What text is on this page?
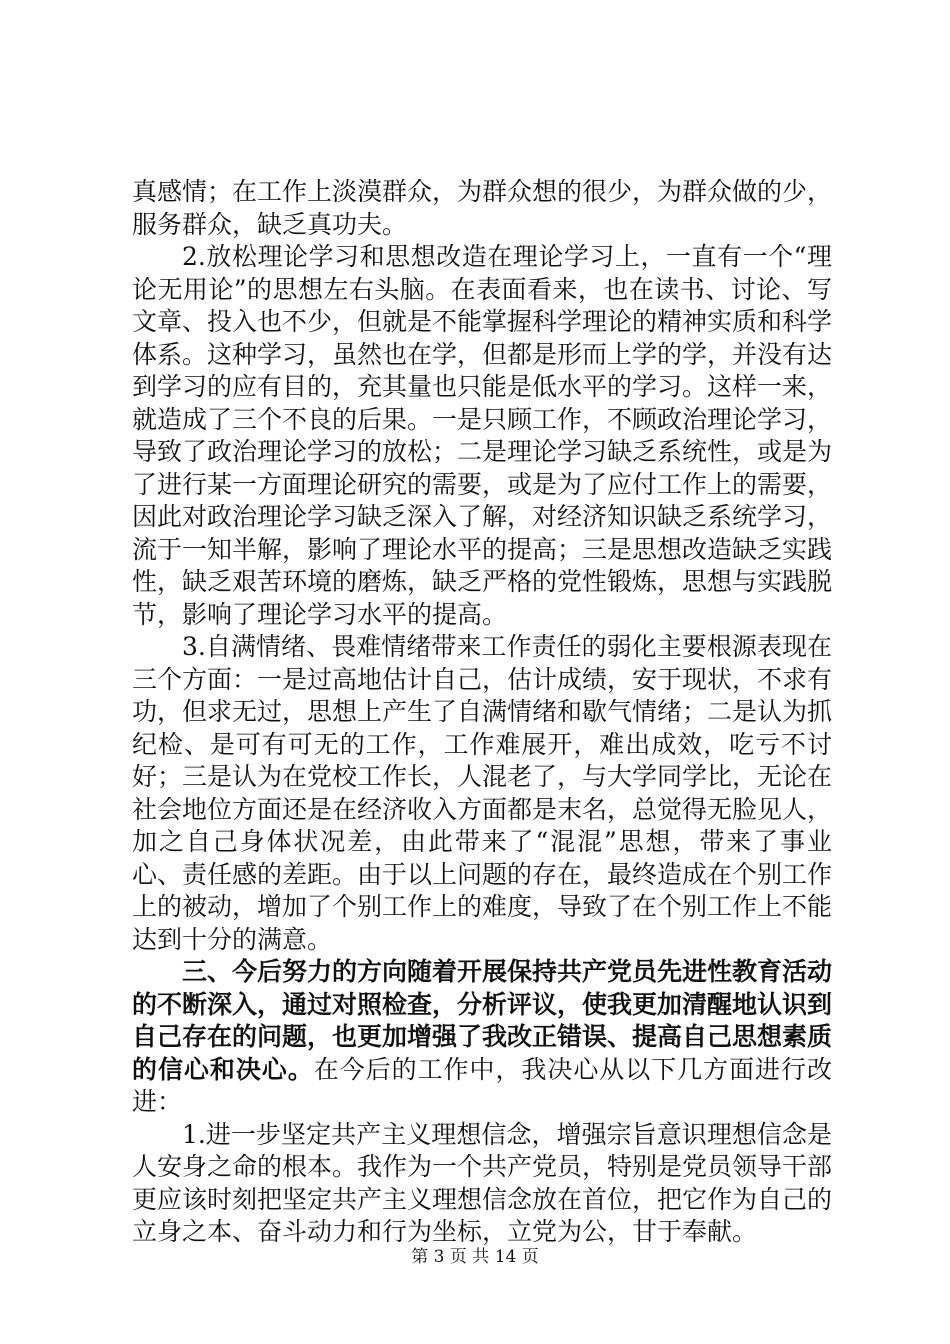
真感情；在工作上淡漠群众，为群众想的很少，为群众做的少，服务群众，缺乏真功夫。

2.放松理论学习和思想改造在理论学习上，一直有一个“理论无用论”的思想左右头脑。在表面看来，也在读书、讨论、写文章、投入也不少，但就是不能掌握科学理论的精神实质和科学体系。这种学习，虽然也在学，但都是形而上学的学，并没有达到学习的应有目的，充其量也只能是低水平的学习。这样一来，就造成了三个不良的后果。一是只顾工作，不顾政治理论学习，导致了政治理论学习的放松；二是理论学习缺乏系统性，或是为了进行某一方面理论研究的需要，或是为了应付工作上的需要，因此对政治理论学习缺乏深入了解，对经济知识缺乏系统学习，流于一知半解，影响了理论水平的提高；三是思想改造缺乏实践性，缺乏艰苦环境的磨炼，缺乏严格的党性锻炼，思想与实践脱节，影响了理论学习水平的提高。

3.自满情绪、畏难情绪带来工作责任的弱化主要根源表现在三个方面：一是过高地估计自己，估计成绩，安于现状，不求有功，但求无过，思想上产生了自满情绪和歇气情绪；二是认为抓纪检、是可有可无的工作，工作难展开，难出成效，吃亏不讨好；三是认为在党校工作长，人混老了，与大学同学比，无论在社会地位方面还是在经济收入方面都是末名，总觉得无脸见人，加之自己身体状况差，由此带来了“混混”思想，带来了事业心、责任感的差距。由于以上问题的存在，最终造成在个别工作上的被动，增加了个别工作上的难度，导致了在个别工作上不能达到十分的满意。

三、今后努力的方向随着开展保持共产党员先进性教育活动的不断深入，通过对照检查，分析评议，使我更加清醒地认识到自己存在的问题，也更加增强了我改正错误、提高自己思想素质的信心和决心。在今后的工作中，我决心从以下几方面进行改进：

1.进一步坚定共产主义理想信念，增强宗旨意识理想信念是人安身之命的根本。我作为一个共产党员，特别是党员领导干部更应该时刻把坚定共产主义理想信念放在首位，把它作为自己的立身之本、奋斗动力和行为坐标，立党为公，甘于奉献。

第 3 页 共 14 页
